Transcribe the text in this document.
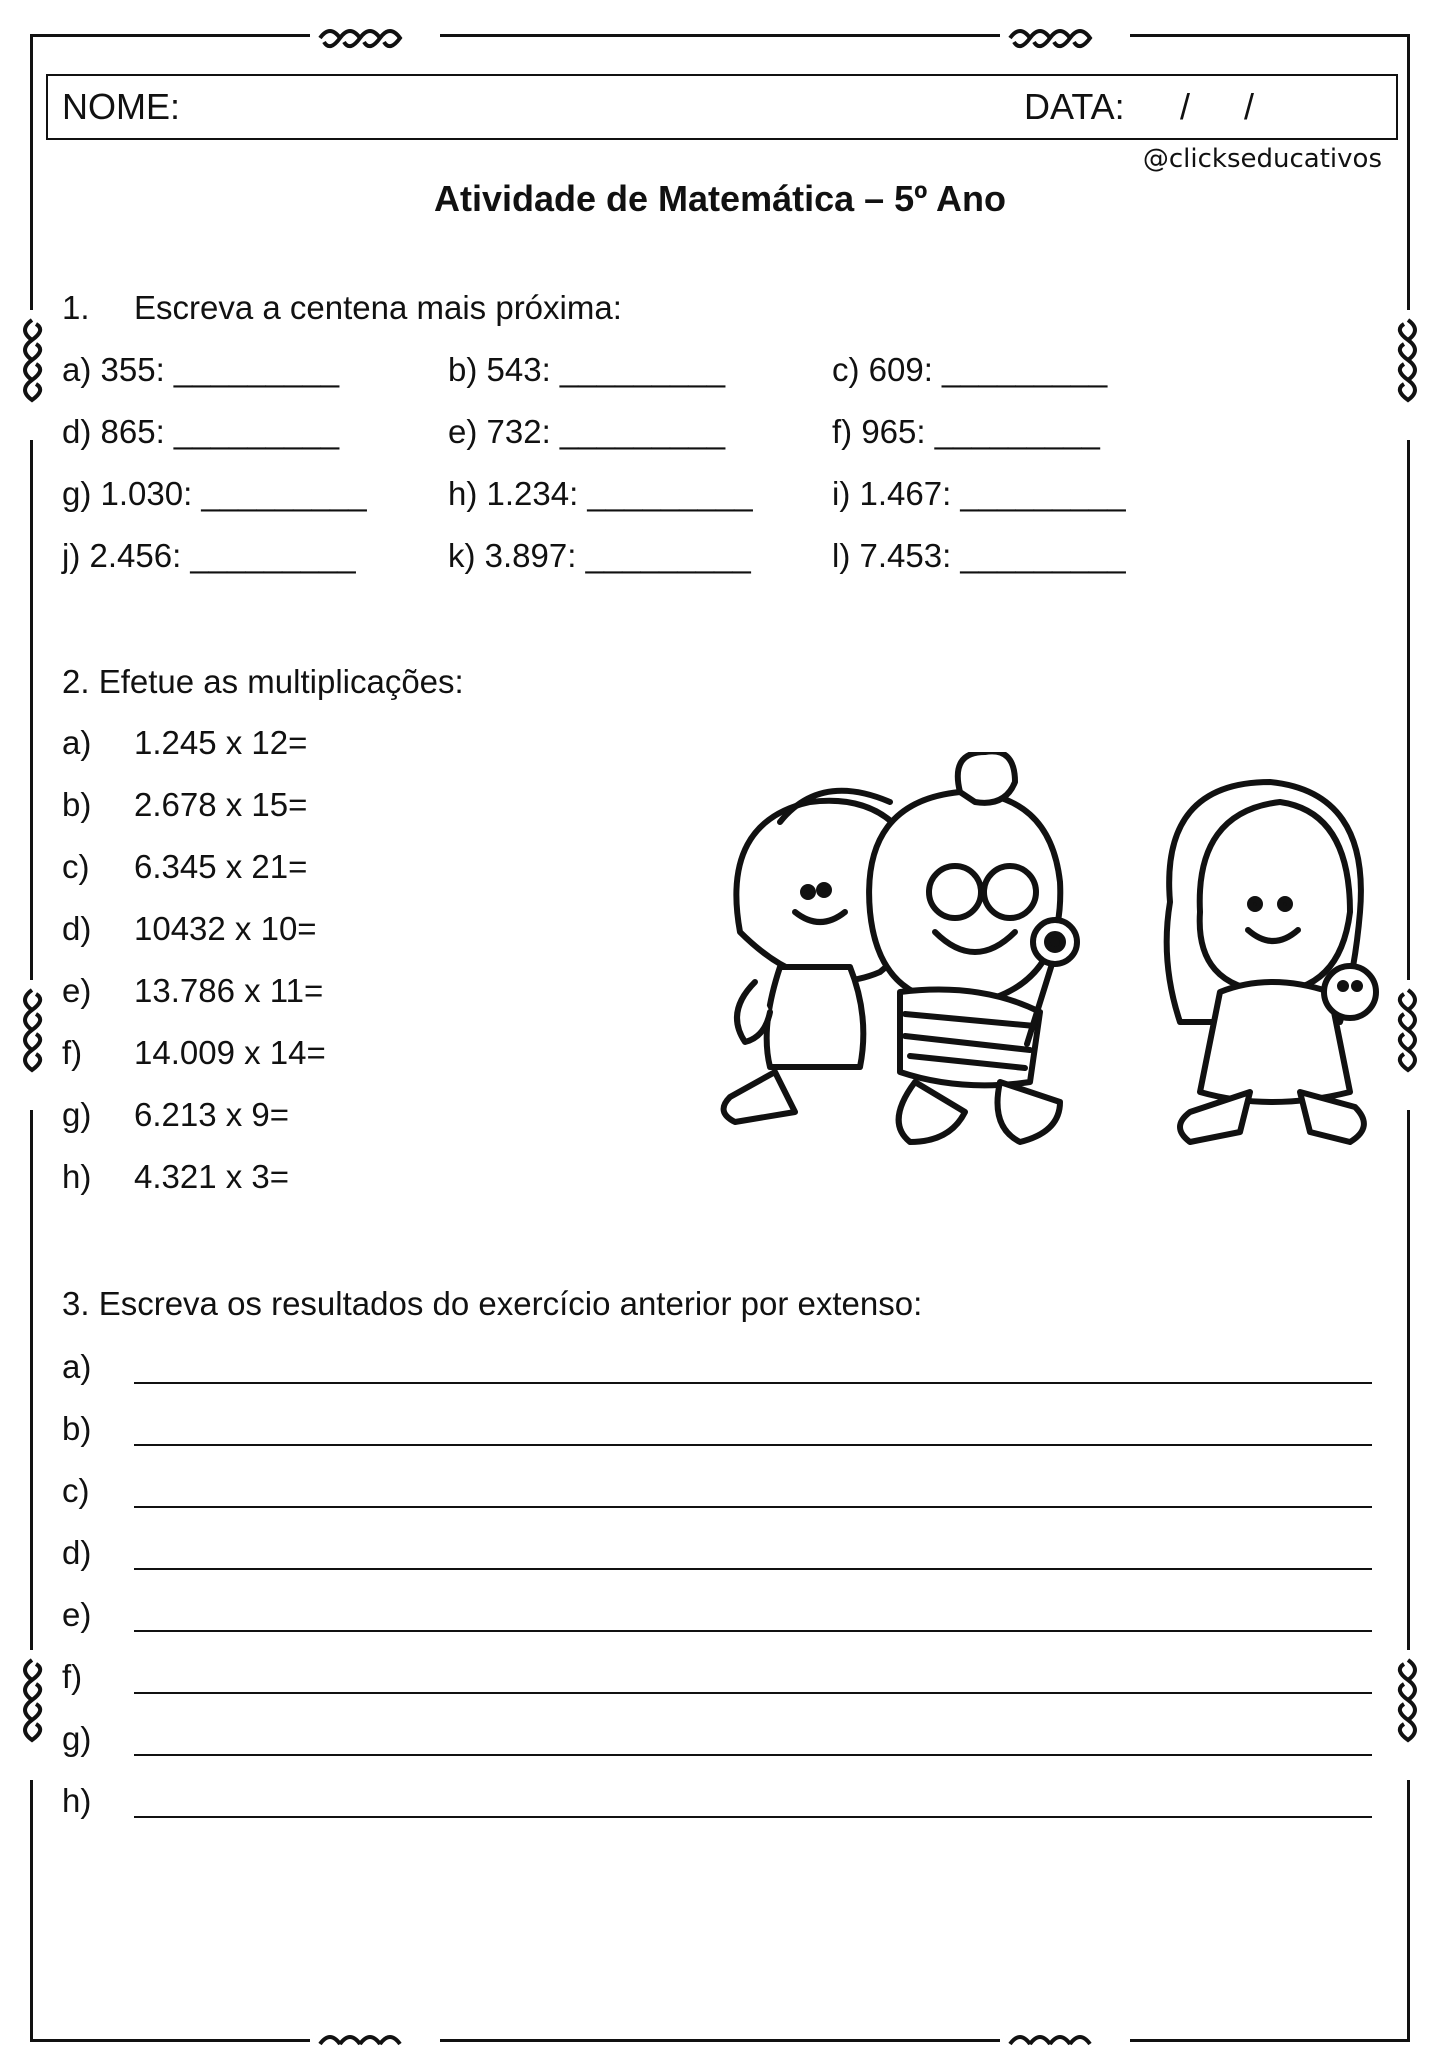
NOME:	DATA: / /
@clickseducativos
Atividade de Matemática – 5º Ano
1. Escreva a centena mais próxima:
a) 355: _________	b) 543: _________	c) 609: _________
d) 865: _________	e) 732: _________	f) 965: _________
g) 1.030: _________ h) 1.234: _________ i) 1.467: _________
j) 2.456: _________	k) 3.897: _________ l) 7.453: _________
2. Efetue as multiplicações:
a) 1.245 x 12=
b) 2.678 x 15=
c) 6.345 x 21=
d) 10432 x 10=
e) 13.786 x 11=
f) 14.009 x 14=
g) 6.213 x 9=
h) 4.321 x 3=
3. Escreva os resultados do exercício anterior por extenso:
a)
b)
c)
d)
e)
f)
g)
h)
